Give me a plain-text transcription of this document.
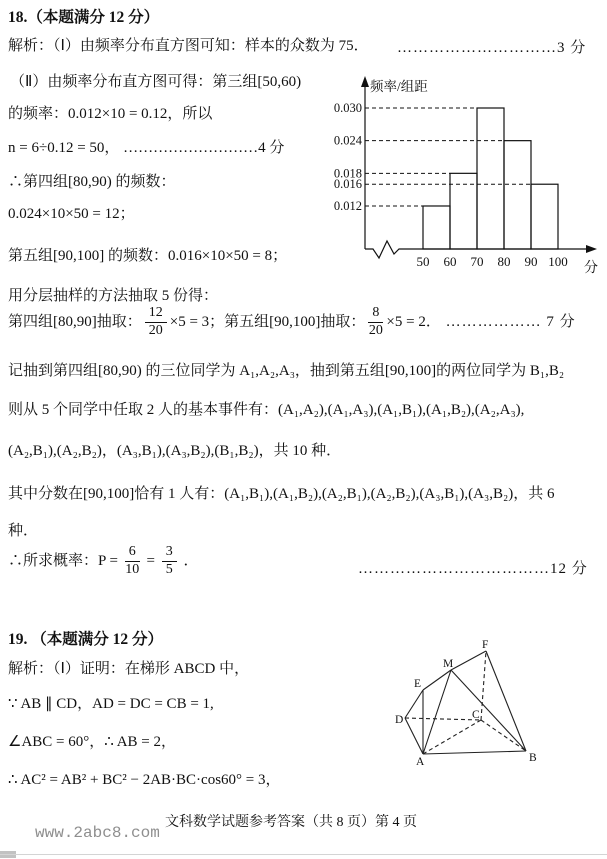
18.（本题满分 12 分）
解析：（Ⅰ）由频率分布直方图可知：样本的众数为 75． …………………………3 分
（Ⅱ）由频率分布直方图可得：第三组[50,60)
的频率：0.012×10 = 0.12，所以
n = 6÷0.12 = 50， ………………………4 分
∴第四组[80,90) 的频数：
0.024×10×50 = 12；
第五组[90,100] 的频数：0.016×10×50 = 8；
用分层抽样的方法抽取 5 份得：
第四组[80,90]抽取： $\frac{12}{20} \times 5 = 3$；第五组[90,100]抽取： $\frac{8}{20} \times 5 = 2$． ……………… 7 分
记抽到第四组[80,90) 的三位同学为 A₁,A₂,A₃，抽到第五组[90,100]的两位同学为 B₁,B₂
则从 5 个同学中任取 2 人的基本事件有：(A₁,A₂),(A₁,A₃),(A₁,B₁),(A₁,B₂),(A₂,A₃),
(A₂,B₁),(A₂,B₂)，(A₃,B₁),(A₃,B₂),(B₁,B₂)，共 10 种．
其中分数在[90,100]恰有 1 人有：(A₁,B₁),(A₁,B₂),(A₂,B₁),(A₂,B₂),(A₃,B₁),(A₃,B₂)，共 6
种．
∴所求概率： $P = \frac{6}{10} = \frac{3}{5}$ ．
………………………………12 分
频率/组距
分
0.030
0.024
0.018
0.016
0.012
50 60 70 80 90 100
19. （本题满分 12 分）
解析：（Ⅰ）证明：在梯形 ABCD 中，
∵ AB ∥ CD，AD = DC = CB = 1,
∠ABC = 60°，∴ AB = 2，
∴ AC² = AB² + BC² − 2AB·BC·cos60° = 3，
A	B
C
D
E
M
F
文科数学试题参考答案（共 8 页）第 4 页
www.2abc8.com
